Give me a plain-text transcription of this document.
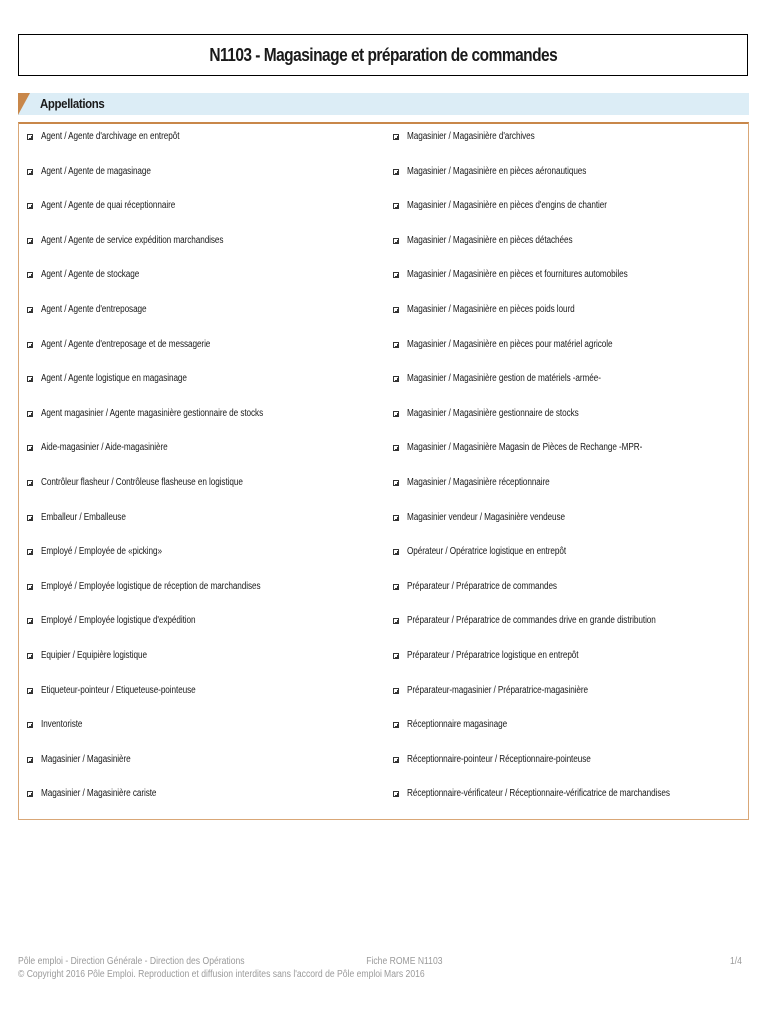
N1103 - Magasinage et préparation de commandes
Appellations
Agent / Agente d'archivage en entrepôt
Agent / Agente de magasinage
Agent / Agente de quai réceptionnaire
Agent / Agente de service expédition marchandises
Agent / Agente de stockage
Agent / Agente d'entreposage
Agent / Agente d'entreposage et de messagerie
Agent / Agente logistique en magasinage
Agent magasinier / Agente magasinière gestionnaire de stocks
Aide-magasinier / Aide-magasinière
Contrôleur flasheur / Contrôleuse flasheuse en logistique
Emballeur / Emballeuse
Employé / Employée de «picking»
Employé / Employée logistique de réception de marchandises
Employé / Employée logistique d'expédition
Equipier / Equipière logistique
Etiqueteur-pointeur / Etiqueteuse-pointeuse
Inventoriste
Magasinier / Magasinière
Magasinier / Magasinière cariste
Magasinier / Magasinière d'archives
Magasinier / Magasinière en pièces aéronautiques
Magasinier / Magasinière en pièces d'engins de chantier
Magasinier / Magasinière en pièces détachées
Magasinier / Magasinière en pièces et fournitures automobiles
Magasinier / Magasinière en pièces poids lourd
Magasinier / Magasinière en pièces pour matériel agricole
Magasinier / Magasinière gestion de matériels -armée-
Magasinier / Magasinière gestionnaire de stocks
Magasinier / Magasinière Magasin de Pièces de Rechange -MPR-
Magasinier / Magasinière réceptionnaire
Magasinier vendeur / Magasinière vendeuse
Opérateur / Opératrice logistique en entrepôt
Préparateur / Préparatrice de commandes
Préparateur / Préparatrice de commandes drive en grande distribution
Préparateur / Préparatrice logistique en entrepôt
Préparateur-magasinier / Préparatrice-magasinière
Réceptionnaire magasinage
Réceptionnaire-pointeur / Réceptionnaire-pointeuse
Réceptionnaire-vérificateur / Réceptionnaire-vérificatrice de marchandises
Pôle emploi - Direction Générale - Direction des Opérations
© Copyright 2016 Pôle Emploi. Reproduction et diffusion interdites sans l'accord de Pôle emploi
Fiche ROME N1103
Mars 2016
1/4
